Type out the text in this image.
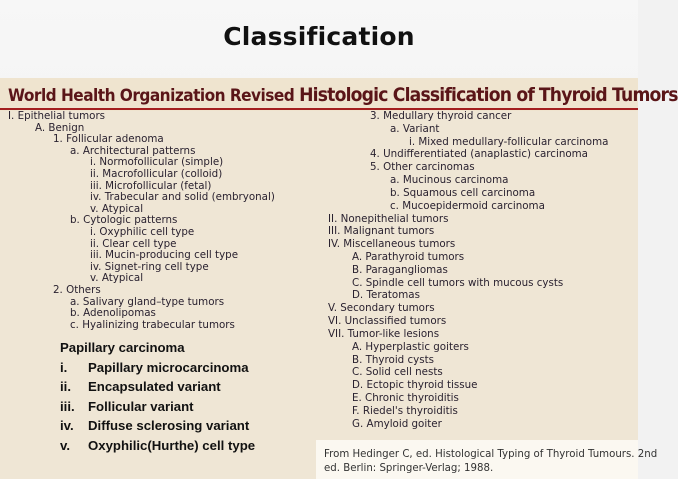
Classification
World Health Organization Revised Histologic Classification of Thyroid Tumors
I. Epithelial tumors
A. Benign
1. Follicular adenoma
a. Architectural patterns
i. Normofollicular (simple)
ii. Macrofollicular (colloid)
iii. Microfollicular (fetal)
iv. Trabecular and solid (embryonal)
v. Atypical
b. Cytologic patterns
i. Oxyphilic cell type
ii. Clear cell type
iii. Mucin-producing cell type
iv. Signet-ring cell type
v. Atypical
2. Others
a. Salivary gland–type tumors
b. Adenolipomas
c. Hyalinizing trabecular tumors
3. Medullary thyroid cancer
a. Variant
i. Mixed medullary-follicular carcinoma
4. Undifferentiated (anaplastic) carcinoma
5. Other carcinomas
a. Mucinous carcinoma
b. Squamous cell carcinoma
c. Mucoepidermoid carcinoma
II. Nonepithelial tumors
III. Malignant tumors
IV. Miscellaneous tumors
A. Parathyroid tumors
B. Paragangliomas
C. Spindle cell tumors with mucous cysts
D. Teratomas
V. Secondary tumors
VI. Unclassified tumors
VII. Tumor-like lesions
A. Hyperplastic goiters
B. Thyroid cysts
C. Solid cell nests
D. Ectopic thyroid tissue
E. Chronic thyroiditis
F. Riedel's thyroiditis
G. Amyloid goiter
Papillary carcinoma
i. Papillary microcarcinoma
ii. Encapsulated variant
iii. Follicular variant
iv. Diffuse sclerosing variant
v. Oxyphilic(Hurthe) cell type
From Hedinger C, ed. Histological Typing of Thyroid Tumours. 2nd
ed. Berlin: Springer-Verlag; 1988.
